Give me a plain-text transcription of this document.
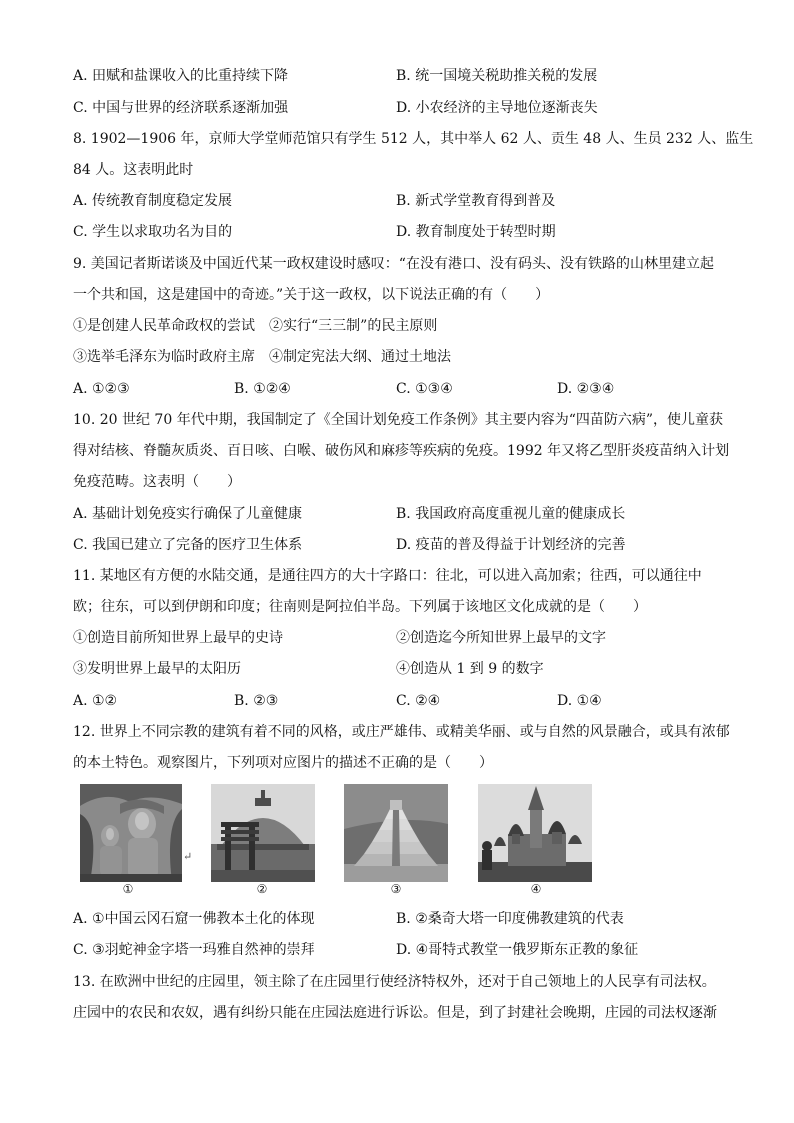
A. 田赋和盐课收入的比重持续下降	B. 统一国境关税助推关税的发展
C. 中国与世界的经济联系逐渐加强	D. 小农经济的主导地位逐渐丧失
8. 1902—1906 年，京师大学堂师范馆只有学生 512 人，其中举人 62 人、贡生 48 人、生员 232 人、监生
84 人。这表明此时
A. 传统教育制度稳定发展	B. 新式学堂教育得到普及
C. 学生以求取功名为目的	D. 教育制度处于转型时期
9. 美国记者斯诺谈及中国近代某一政权建设时感叹：“在没有港口、没有码头、没有铁路的山林里建立起
一个共和国，这是建国中的奇迹。”关于这一政权，以下说法正确的有（　　）
①是创建人民革命政权的尝试　②实行“三三制”的民主原则
③选举毛泽东为临时政府主席　④制定宪法大纲、通过土地法
A. ①②③	B. ①②④	C. ①③④	D. ②③④
10. 20 世纪 70 年代中期，我国制定了《全国计划免疫工作条例》其主要内容为“四苗防六病”，使儿童获
得对结核、脊髓灰质炎、百日咳、白喉、破伤风和麻疹等疾病的免疫。1992 年又将乙型肝炎疫苗纳入计划
免疫范畴。这表明（　　）
A. 基础计划免疫实行确保了儿童健康	B. 我国政府高度重视儿童的健康成长
C. 我国已建立了完备的医疗卫生体系	D. 疫苗的普及得益于计划经济的完善
11. 某地区有方便的水陆交通，是通往四方的大十字路口：往北，可以进入高加索；往西，可以通往中
欧；往东，可以到伊朗和印度；往南则是阿拉伯半岛。下列属于该地区文化成就的是（　　）
①创造目前所知世界上最早的史诗	②创造迄今所知世界上最早的文字
③发明世界上最早的太阳历	④创造从 1 到 9 的数字
A. ①②	B. ②③	C. ②④	D. ①④
12. 世界上不同宗教的建筑有着不同的风格，或庄严雄伟、或精美华丽、或与自然的风景融合，或具有浓郁
的本土特色。观察图片，下列项对应图片的描述不正确的是（　　）
↵
①	②	③	④
A. ①中国云冈石窟一佛教本土化的体现	B. ②桑奇大塔一印度佛教建筑的代表
C. ③羽蛇神金字塔一玛雅自然神的崇拜	D. ④哥特式教堂一俄罗斯东正教的象征
13. 在欧洲中世纪的庄园里，领主除了在庄园里行使经济特权外，还对于自己领地上的人民享有司法权。
庄园中的农民和农奴，遇有纠纷只能在庄园法庭进行诉讼。但是，到了封建社会晚期，庄园的司法权逐渐
